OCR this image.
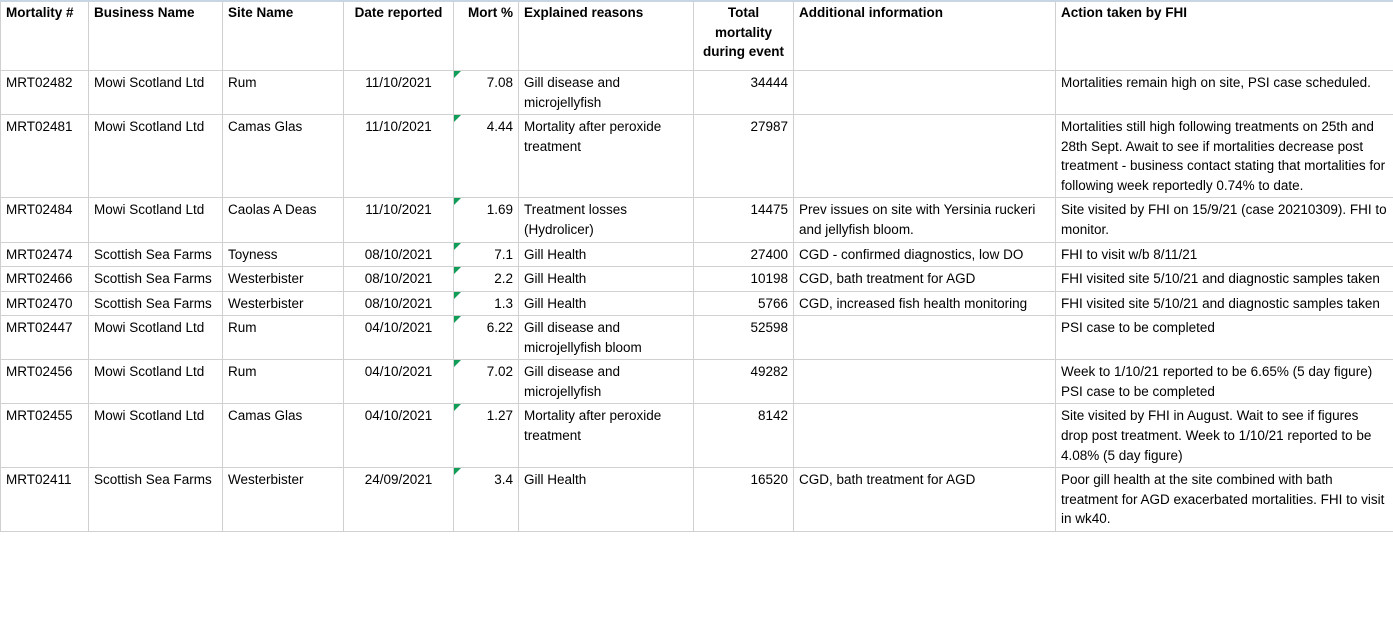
Mortality #	Business Name	Site Name	Date reported	Mort %	Explained reasons	Total mortality during event	Additional information	Action taken by FHI
MRT02482	Mowi Scotland Ltd	Rum	11/10/2021	7.08	Gill disease and microjellyfish	34444		Mortalities remain high on site, PSI case scheduled.
MRT02481	Mowi Scotland Ltd	Camas Glas	11/10/2021	4.44	Mortality after peroxide treatment	27987		Mortalities still high following treatments on 25th and 28th Sept. Await to see if mortalities decrease post treatment - business contact stating that mortalities for following week reportedly 0.74% to date.
MRT02484	Mowi Scotland Ltd	Caolas A Deas	11/10/2021	1.69	Treatment losses (Hydrolicer)	14475	Prev issues on site with Yersinia ruckeri and jellyfish bloom.	Site visited by FHI on 15/9/21 (case 20210309). FHI to monitor.
MRT02474	Scottish Sea Farms	Toyness	08/10/2021	7.1	Gill Health	27400	CGD - confirmed diagnostics, low DO	FHI to visit w/b 8/11/21
MRT02466	Scottish Sea Farms	Westerbister	08/10/2021	2.2	Gill Health	10198	CGD, bath treatment for AGD	FHI visited site 5/10/21 and diagnostic samples taken
MRT02470	Scottish Sea Farms	Westerbister	08/10/2021	1.3	Gill Health	5766	CGD, increased fish health monitoring	FHI visited site 5/10/21 and diagnostic samples taken
MRT02447	Mowi Scotland Ltd	Rum	04/10/2021	6.22	Gill disease and microjellyfish bloom	52598		PSI case to be completed
MRT02456	Mowi Scotland Ltd	Rum	04/10/2021	7.02	Gill disease and microjellyfish	49282		Week to 1/10/21 reported to be 6.65% (5 day figure) PSI case to be completed
MRT02455	Mowi Scotland Ltd	Camas Glas	04/10/2021	1.27	Mortality after peroxide treatment	8142		Site visited by FHI in August. Wait to see if figures drop post treatment. Week to 1/10/21 reported to be 4.08% (5 day figure)
MRT02411	Scottish Sea Farms	Westerbister	24/09/2021	3.4	Gill Health	16520	CGD, bath treatment for AGD	Poor gill health at the site combined with bath treatment for AGD exacerbated mortalities. FHI to visit in wk40.
